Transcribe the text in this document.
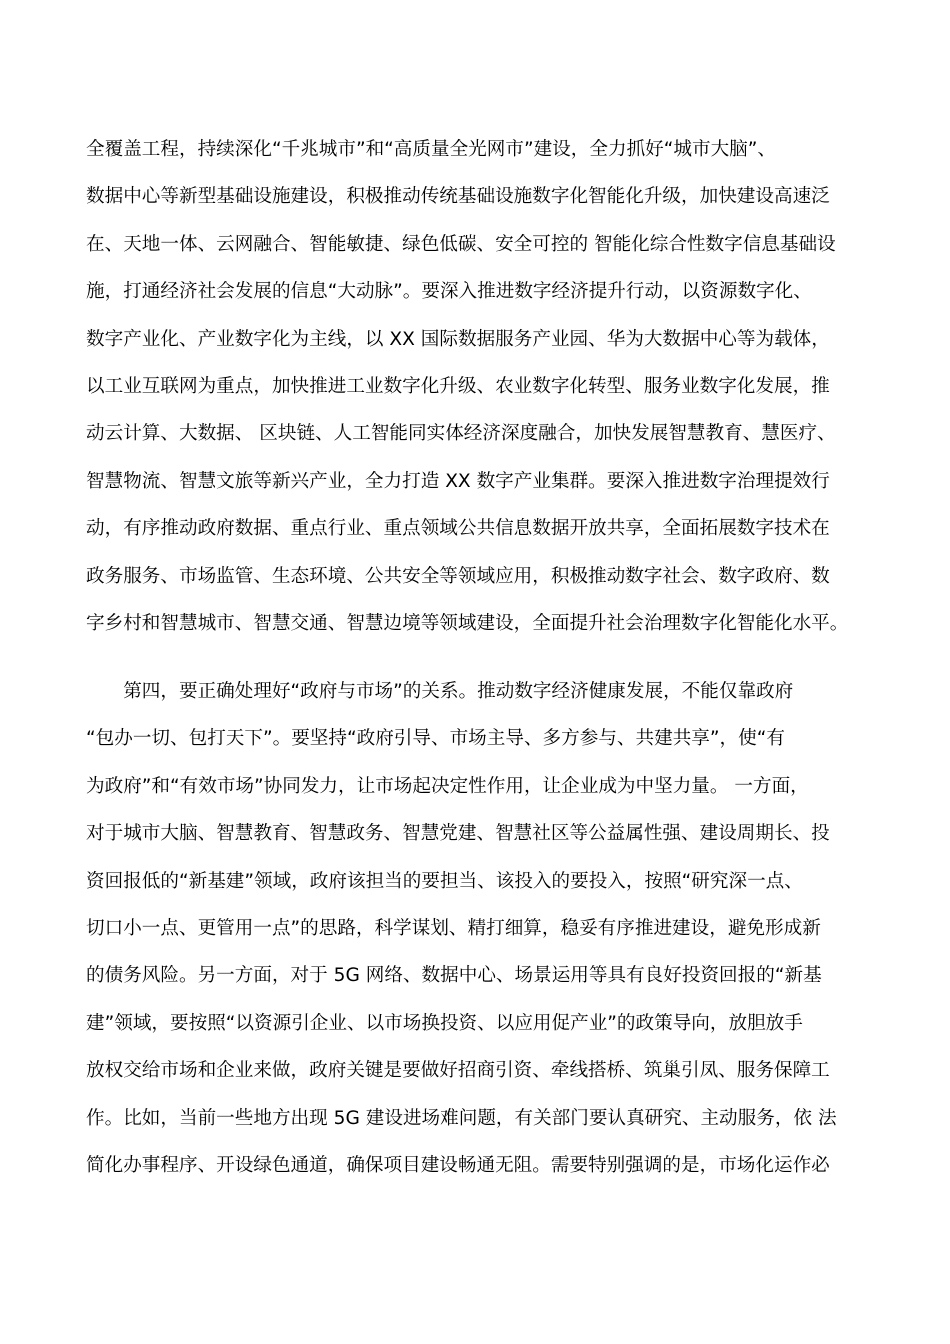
全覆盖工程，持续深化“千兆城市”和“高质量全光网市”建设，全力抓好“城市大脑”、
数据中心等新型基础设施建设，积极推动传统基础设施数字化智能化升级，加快建设高速泛
在、天地一体、云网融合、智能敏捷、绿色低碳、安全可控的 智能化综合性数字信息基础设
施，打通经济社会发展的信息“大动脉”。要深入推进数字经济提升行动，以资源数字化、
数字产业化、产业数字化为主线，以 XX 国际数据服务产业园、华为大数据中心等为载体，
以工业互联网为重点，加快推进工业数字化升级、农业数字化转型、服务业数字化发展，推
动云计算、大数据、 区块链、人工智能同实体经济深度融合，加快发展智慧教育、慧医疗、
智慧物流、智慧文旅等新兴产业，全力打造 XX 数字产业集群。要深入推进数字治理提效行
动，有序推动政府数据、重点行业、重点领域公共信息数据开放共享，全面拓展数字技术在
政务服务、市场监管、生态环境、公共安全等领域应用，积极推动数字社会、数字政府、数
字乡村和智慧城市、智慧交通、智慧边境等领域建设，全面提升社会治理数字化智能化水平。
　　第四，要正确处理好“政府与市场”的关系。推动数字经济健康发展，不能仅靠政府
“包办一切、包打天下”。要坚持“政府引导、市场主导、多方参与、共建共享”，使“有
为政府”和“有效市场”协同发力，让市场起决定性作用，让企业成为中坚力量。 一方面，
对于城市大脑、智慧教育、智慧政务、智慧党建、智慧社区等公益属性强、建设周期长、投
资回报低的“新基建”领域，政府该担当的要担当、该投入的要投入，按照“研究深一点、
切口小一点、更管用一点”的思路，科学谋划、精打细算，稳妥有序推进建设，避免形成新
的债务风险。另一方面，对于 5G 网络、数据中心、场景运用等具有良好投资回报的“新基
建”领域，要按照“以资源引企业、以市场换投资、以应用促产业”的政策导向，放胆放手
放权交给市场和企业来做，政府关键是要做好招商引资、牵线搭桥、筑巢引凤、服务保障工
作。比如，当前一些地方出现 5G 建设进场难问题，有关部门要认真研究、主动服务，依 法
简化办事程序、开设绿色通道，确保项目建设畅通无阻。需要特别强调的是，市场化运作必
